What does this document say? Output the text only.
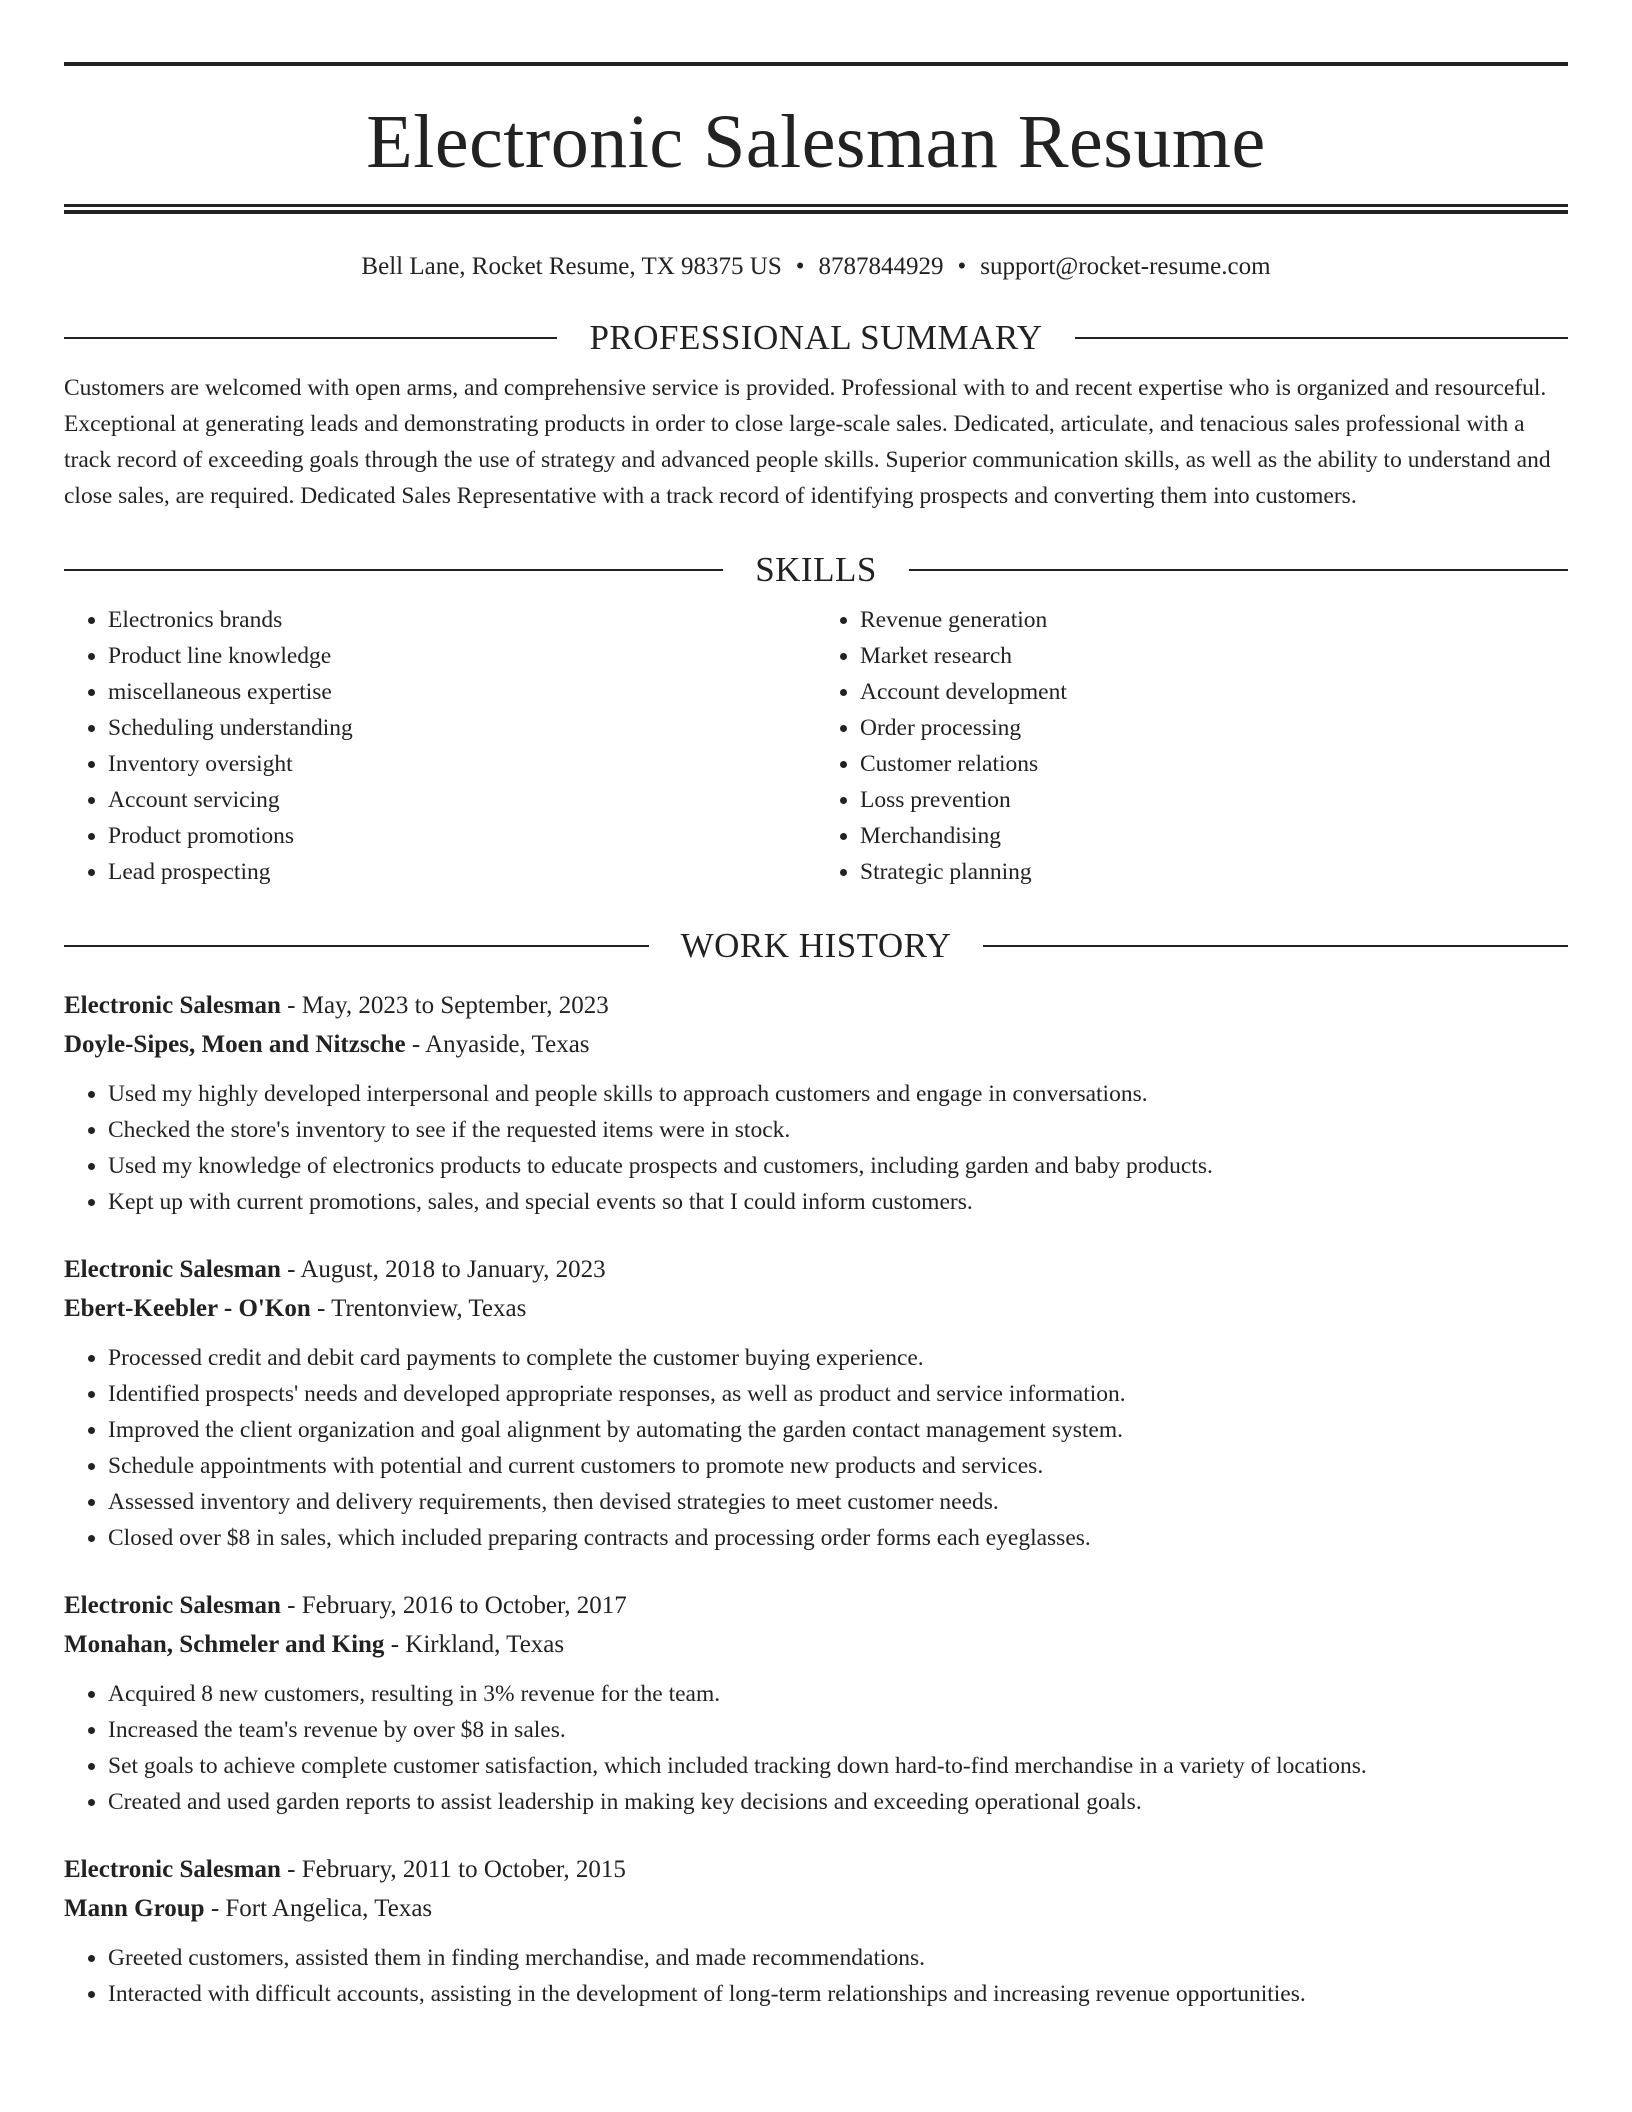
Electronic Salesman Resume
Bell Lane, Rocket Resume, TX 98375 US • 8787844929 • support@rocket-resume.com
PROFESSIONAL SUMMARY
Customers are welcomed with open arms, and comprehensive service is provided. Professional with to and recent expertise who is organized and resourceful. Exceptional at generating leads and demonstrating products in order to close large-scale sales. Dedicated, articulate, and tenacious sales professional with a track record of exceeding goals through the use of strategy and advanced people skills. Superior communication skills, as well as the ability to understand and close sales, are required. Dedicated Sales Representative with a track record of identifying prospects and converting them into customers.
SKILLS
• Electronics brands
• Product line knowledge
• miscellaneous expertise
• Scheduling understanding
• Inventory oversight
• Account servicing
• Product promotions
• Lead prospecting
• Revenue generation
• Market research
• Account development
• Order processing
• Customer relations
• Loss prevention
• Merchandising
• Strategic planning
WORK HISTORY
Electronic Salesman - May, 2023 to September, 2023
Doyle-Sipes, Moen and Nitzsche - Anyaside, Texas
• Used my highly developed interpersonal and people skills to approach customers and engage in conversations.
• Checked the store's inventory to see if the requested items were in stock.
• Used my knowledge of electronics products to educate prospects and customers, including garden and baby products.
• Kept up with current promotions, sales, and special events so that I could inform customers.
Electronic Salesman - August, 2018 to January, 2023
Ebert-Keebler - O'Kon - Trentonview, Texas
• Processed credit and debit card payments to complete the customer buying experience.
• Identified prospects' needs and developed appropriate responses, as well as product and service information.
• Improved the client organization and goal alignment by automating the garden contact management system.
• Schedule appointments with potential and current customers to promote new products and services.
• Assessed inventory and delivery requirements, then devised strategies to meet customer needs.
• Closed over $8 in sales, which included preparing contracts and processing order forms each eyeglasses.
Electronic Salesman - February, 2016 to October, 2017
Monahan, Schmeler and King - Kirkland, Texas
• Acquired 8 new customers, resulting in 3% revenue for the team.
• Increased the team's revenue by over $8 in sales.
• Set goals to achieve complete customer satisfaction, which included tracking down hard-to-find merchandise in a variety of locations.
• Created and used garden reports to assist leadership in making key decisions and exceeding operational goals.
Electronic Salesman - February, 2011 to October, 2015
Mann Group - Fort Angelica, Texas
• Greeted customers, assisted them in finding merchandise, and made recommendations.
• Interacted with difficult accounts, assisting in the development of long-term relationships and increasing revenue opportunities.
